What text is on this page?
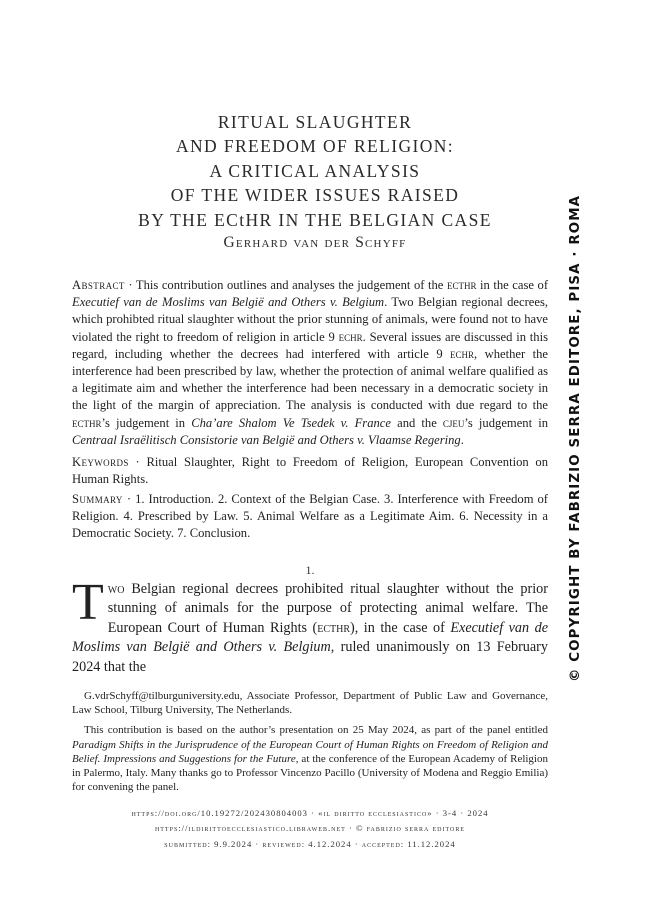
RITUAL SLAUGHTER
AND FREEDOM OF RELIGION:
A CRITICAL ANALYSIS
OF THE WIDER ISSUES RAISED
BY THE ECtHR IN THE BELGIAN CASE
Gerhard van der Schyff
Abstract · This contribution outlines and analyses the judgement of the ecthr in the case of Executief van de Moslims van België and Others v. Belgium. Two Belgian regional decrees, which prohibted ritual slaughter without the prior stunning of animals, were found not to have violated the right to freedom of religion in article 9 echr. Several issues are discussed in this regard, including whether the decrees had interfered with article 9 echr, whether the interference had been prescribed by law, whether the protection of animal welfare qualified as a legitimate aim and whether the interference had been necessary in a democratic society in the light of the margin of appreciation. The analysis is conducted with due regard to the ecthr’s judgement in Cha’are Shalom Ve Tsedek v. France and the cjeu’s judgement in Centraal Israëlitisch Consistorie van België and Others v. Vlaamse Regering.
Keywords · Ritual Slaughter, Right to Freedom of Religion, European Convention on Human Rights.
Summary · 1. Introduction. 2. Context of the Belgian Case. 3. Interference with Freedom of Religion. 4. Prescribed by Law. 5. Animal Welfare as a Legitimate Aim. 6. Necessity in a Democratic Society. 7. Conclusion.
1.
Two Belgian regional decrees prohibited ritual slaughter without the prior stunning of animals for the purpose of protecting animal welfare. The European Court of Human Rights (ecthr), in the case of Executief van de Moslims van België and Others v. Belgium, ruled unanimously on 13 February 2024 that the

G.vdrSchyff@tilburguniversity.edu, Associate Professor, Department of Public Law and Governance, Law School, Tilburg University, The Netherlands.

This contribution is based on the author’s presentation on 25 May 2024, as part of the panel entitled Paradigm Shifts in the Jurisprudence of the European Court of Human Rights on Freedom of Religion and Belief. Impressions and Suggestions for the Future, at the conference of the European Academy of Religion in Palermo, Italy. Many thanks go to Professor Vincenzo Pacillo (University of Modena and Reggio Emilia) for convening the panel.

https://doi.org/10.19272/202430804003 · «il diritto ecclesiastico» · 3-4 · 2024
https://ildirittoecclesiastico.libraweb.net · © fabrizio serra editore
submitted: 9.9.2024 · reviewed: 4.12.2024 · accepted: 11.12.2024
© COPYRIGHT BY FABRIZIO SERRA EDITORE, PISA · ROMA
